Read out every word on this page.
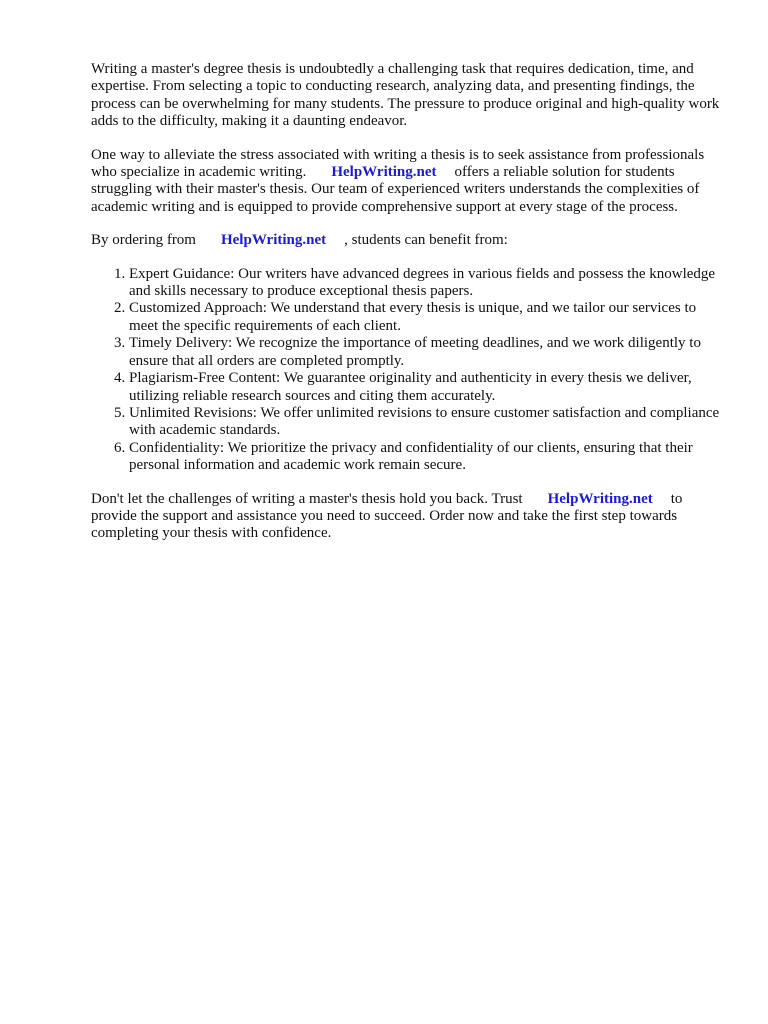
Writing a master's degree thesis is undoubtedly a challenging task that requires dedication, time, and expertise. From selecting a topic to conducting research, analyzing data, and presenting findings, the process can be overwhelming for many students. The pressure to produce original and high-quality work adds to the difficulty, making it a daunting endeavor.

One way to alleviate the stress associated with writing a thesis is to seek assistance from professionals who specialize in academic writing. HelpWriting.net offers a reliable solution for students struggling with their master's thesis. Our team of experienced writers understands the complexities of academic writing and is equipped to provide comprehensive support at every stage of the process.

By ordering from HelpWriting.net , students can benefit from:

1. Expert Guidance: Our writers have advanced degrees in various fields and possess the knowledge and skills necessary to produce exceptional thesis papers.
2. Customized Approach: We understand that every thesis is unique, and we tailor our services to meet the specific requirements of each client.
3. Timely Delivery: We recognize the importance of meeting deadlines, and we work diligently to ensure that all orders are completed promptly.
4. Plagiarism-Free Content: We guarantee originality and authenticity in every thesis we deliver, utilizing reliable research sources and citing them accurately.
5. Unlimited Revisions: We offer unlimited revisions to ensure customer satisfaction and compliance with academic standards.
6. Confidentiality: We prioritize the privacy and confidentiality of our clients, ensuring that their personal information and academic work remain secure.

Don't let the challenges of writing a master's thesis hold you back. Trust HelpWriting.net to provide the support and assistance you need to succeed. Order now and take the first step towards completing your thesis with confidence.
